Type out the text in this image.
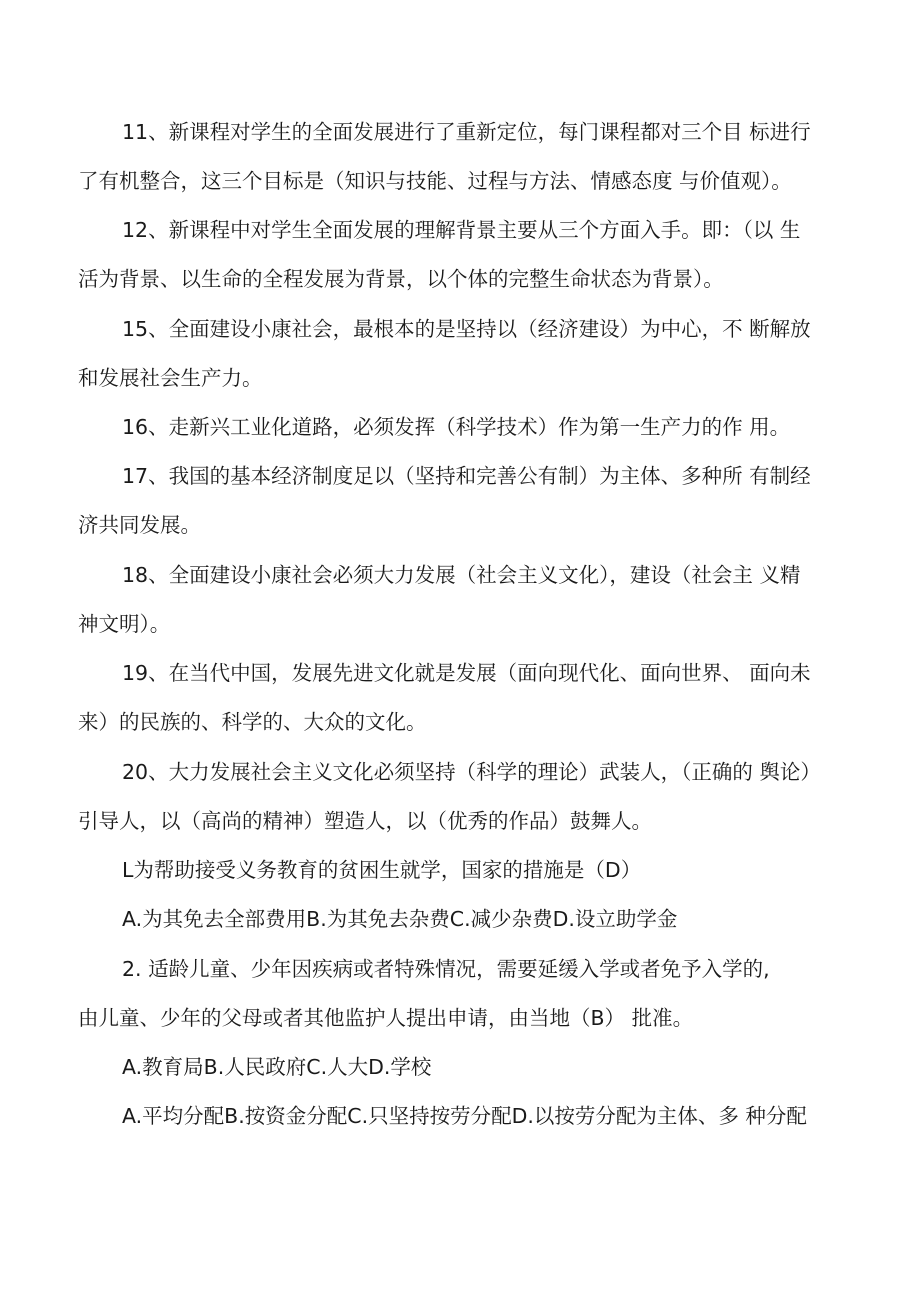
11、新课程对学生的全面发展进行了重新定位，每门课程都对三个目 标进行
了有机整合，这三个目标是（知识与技能、过程与方法、情感态度 与价值观）。
12、新课程中对学生全面发展的理解背景主要从三个方面入手。即：（以 生
活为背景、以生命的全程发展为背景，以个体的完整生命状态为背景）。
15、全面建设小康社会，最根本的是坚持以（经济建设）为中心，不 断解放
和发展社会生产力。
16、走新兴工业化道路，必须发挥（科学技术）作为第一生产力的作 用。
17、我国的基本经济制度足以（坚持和完善公有制）为主体、多种所 有制经
济共同发展。
18、全面建设小康社会必须大力发展（社会主义文化），建设（社会主 义精
神文明）。
19、在当代中国，发展先进文化就是发展（面向现代化、面向世界、 面向未
来）的民族的、科学的、大众的文化。
20、大力发展社会主义文化必须坚持（科学的理论）武装人，（正确的 舆论）
引导人，以（高尚的精神）塑造人，以（优秀的作品）鼓舞人。
L为帮助接受义务教育的贫困生就学，国家的措施是（D）
A.为其免去全部费用B.为其免去杂费C.减少杂费D.设立助学金
2. 适龄儿童、少年因疾病或者特殊情况，需要延缓入学或者免予入学的,
由儿童、少年的父母或者其他监护人提出申请，由当地（B） 批准。
A.教育局B.人民政府C.人大D.学校
A.平均分配B.按资金分配C.只坚持按劳分配D.以按劳分配为主体、多 种分配
